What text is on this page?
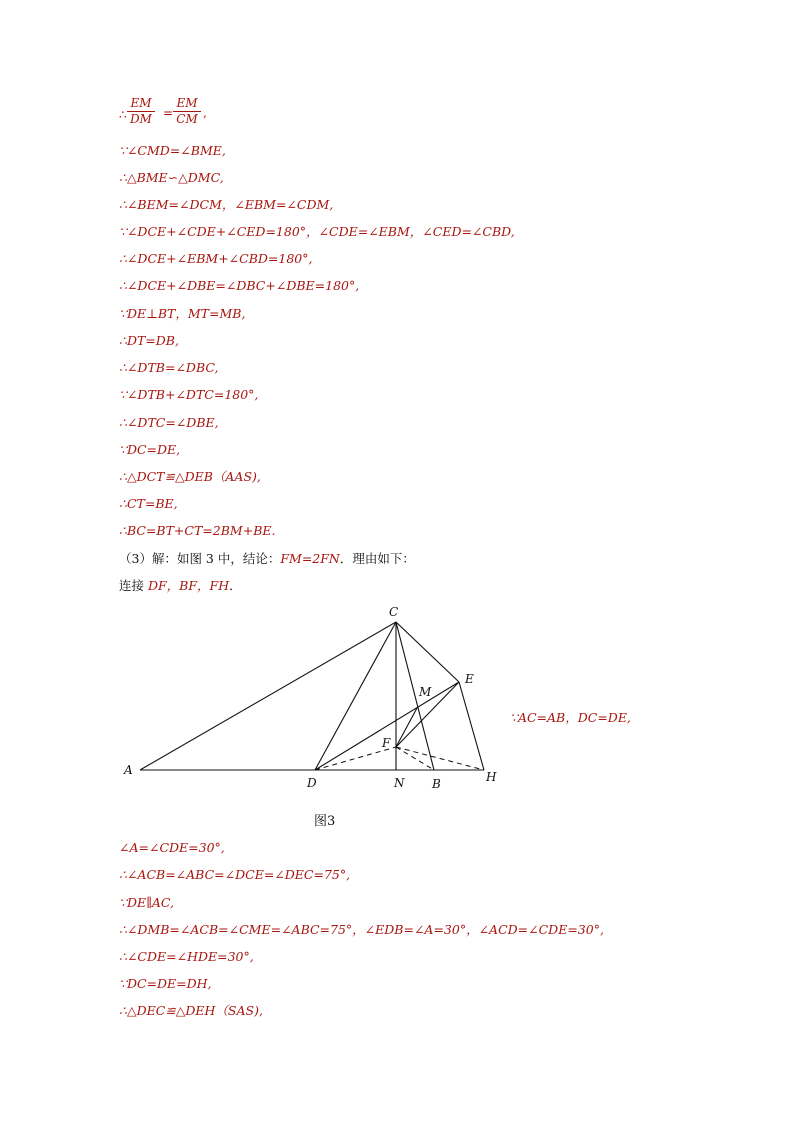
∴ $\frac{EM}{DM} = \frac{EM}{CM}$ ,
∵∠CMD=∠BME,
∴△BME∽△DMC,
∴∠BEM=∠DCM，∠EBM=∠CDM,
∵∠DCE+∠CDE+∠CED=180°，∠CDE=∠EBM，∠CED=∠CBD,
∴∠DCE+∠EBM+∠CBD=180°,
∴∠DCE+∠DBE=∠DBC+∠DBE=180°,
∵DE⊥BT，MT=MB,
∴DT=DB,
∴∠DTB=∠DBC,
∵∠DTB+∠DTC=180°,
∴∠DTC=∠DBE,
∵DC=DE,
∴△DCT≌△DEB（AAS),
∴CT=BE,
∴BC=BT+CT=2BM+BE.
（3）解：如图 3 中，结论：FM=2FN．理由如下：
连接 DF，BF，FH．
A
C
E
M
F
D	N B	H
∵AC=AB，DC=DE,
图3
∠A=∠CDE=30°,
∴∠ACB=∠ABC=∠DCE=∠DEC=75°,
∵DE∥AC,
∴∠DMB=∠ACB=∠CME=∠ABC=75°，∠EDB=∠A=30°，∠ACD=∠CDE=30°,
∴∠CDE=∠HDE=30°,
∵DC=DE=DH,
∴△DEC≌△DEH（SAS),
